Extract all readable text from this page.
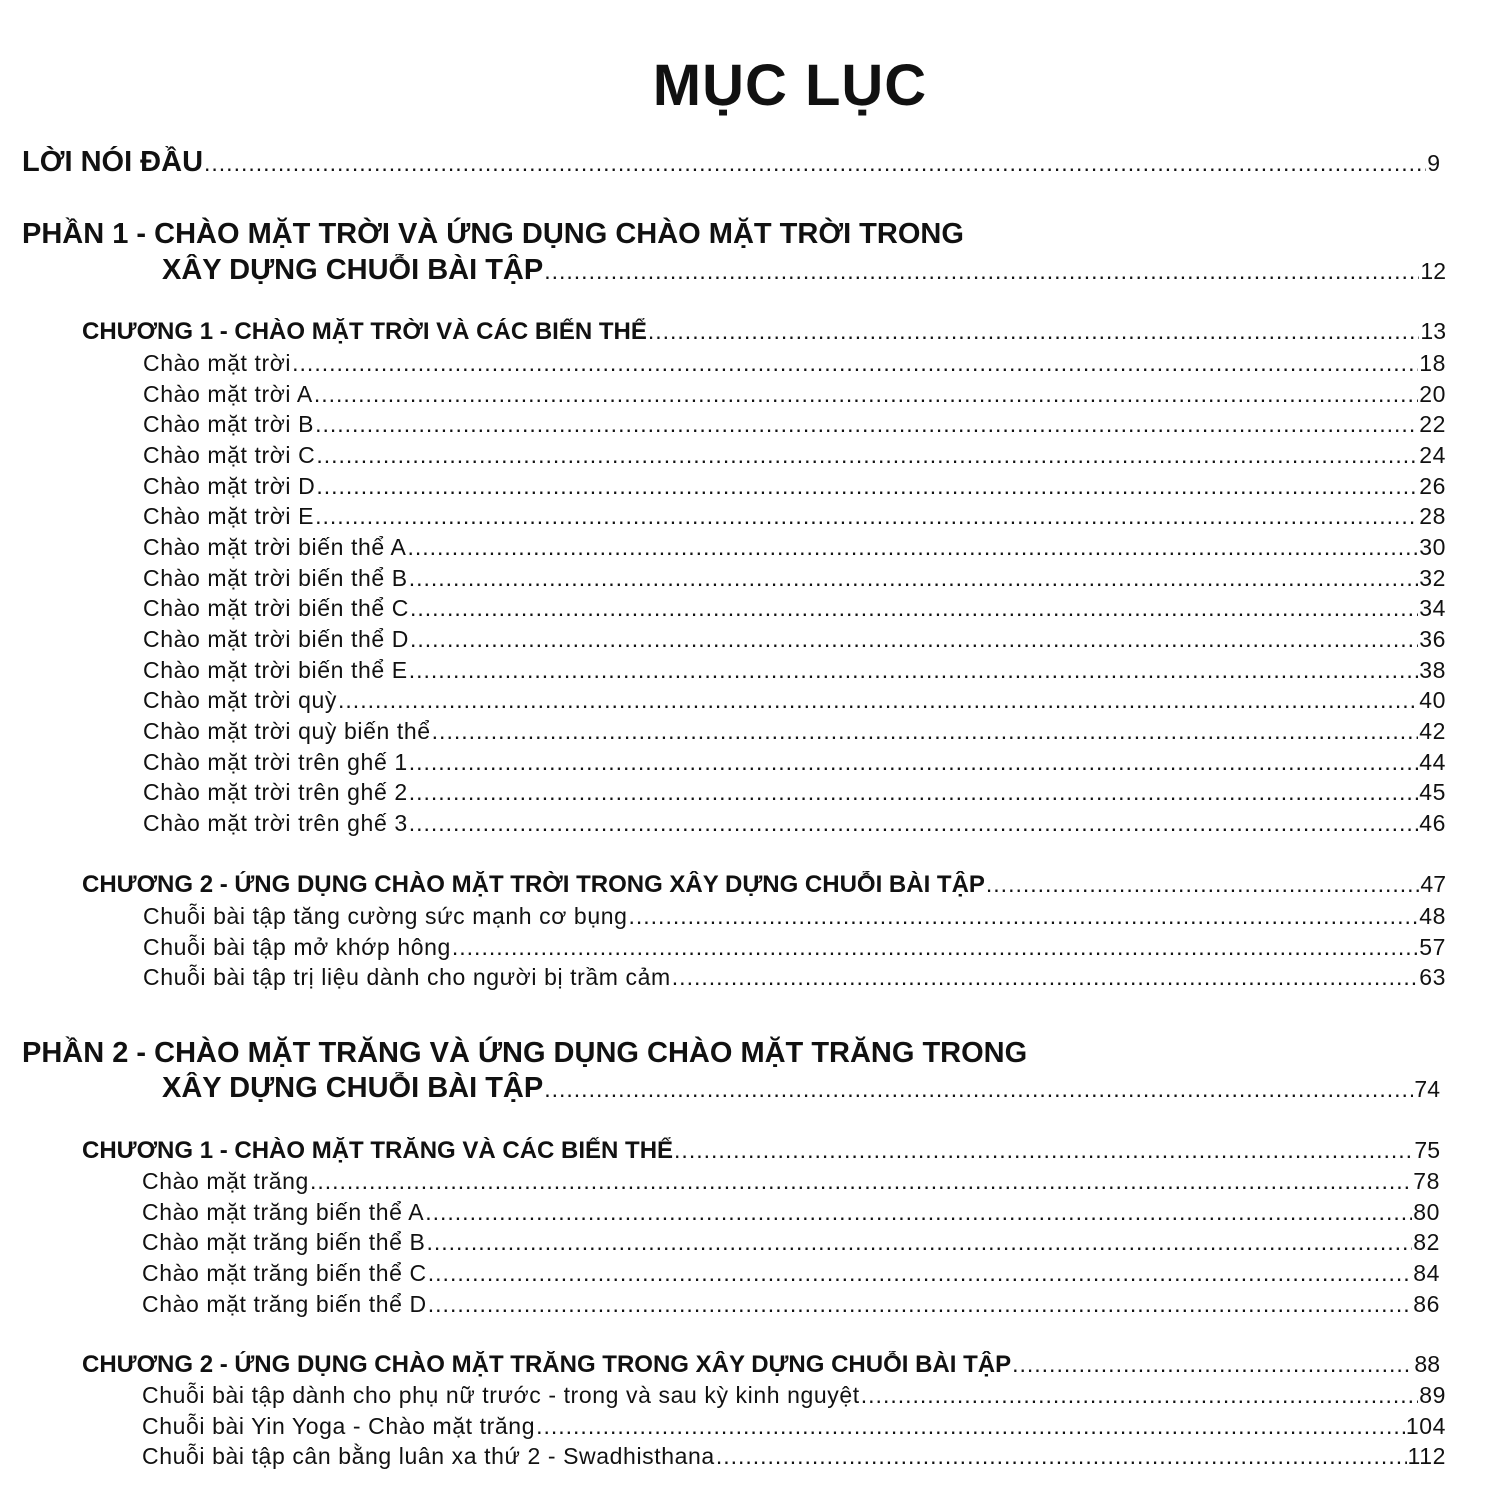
MỤC LỤC
LỜI NÓI ĐẦU .....	9
PHẦN 1 - CHÀO MẶT TRỜI VÀ ỨNG DỤNG CHÀO MẶT TRỜI TRONG
XÂY DỰNG CHUỖI BÀI TẬP .....	12
CHƯƠNG 1 - CHÀO MẶT TRỜI VÀ CÁC BIẾN THỂ .....	13
Chào mặt trời .....	18
Chào mặt trời A .....	20
Chào mặt trời B .....	22
Chào mặt trời C .....	24
Chào mặt trời D .....	26
Chào mặt trời E .....	28
Chào mặt trời biến thể A .....	30
Chào mặt trời biến thể B .....	32
Chào mặt trời biến thể C .....	34
Chào mặt trời biến thể D .....	36
Chào mặt trời biến thể E .....	38
Chào mặt trời quỳ .....	40
Chào mặt trời quỳ biến thể .....	42
Chào mặt trời trên ghế 1 .....	44
Chào mặt trời trên ghế 2 .....	45
Chào mặt trời trên ghế 3 .....	46
CHƯƠNG 2 - ỨNG DỤNG CHÀO MẶT TRỜI TRONG XÂY DỰNG CHUỖI BÀI TẬP .....	47
Chuỗi bài tập tăng cường sức mạnh cơ bụng .....	48
Chuỗi bài tập mở khớp hông .....	57
Chuỗi bài tập trị liệu dành cho người bị trầm cảm .....	63
PHẦN 2 - CHÀO MẶT TRĂNG VÀ ỨNG DỤNG CHÀO MẶT TRĂNG TRONG
XÂY DỰNG CHUỖI BÀI TẬP .....	74
CHƯƠNG 1 - CHÀO MẶT TRĂNG VÀ CÁC BIẾN THỂ .....	75
Chào mặt trăng .....	78
Chào mặt trăng biến thể A .....	80
Chào mặt trăng biến thể B .....	82
Chào mặt trăng biến thể C .....	84
Chào mặt trăng biến thể D .....	86
CHƯƠNG 2 - ỨNG DỤNG CHÀO MẶT TRĂNG TRONG XÂY DỰNG CHUỖI BÀI TẬP .....	88
Chuỗi bài tập dành cho phụ nữ trước - trong và sau kỳ kinh nguyệt .....	89
Chuỗi bài Yin Yoga - Chào mặt trăng .....	104
Chuỗi bài tập cân bằng luân xa thứ 2 - Swadhisthana .....	112
